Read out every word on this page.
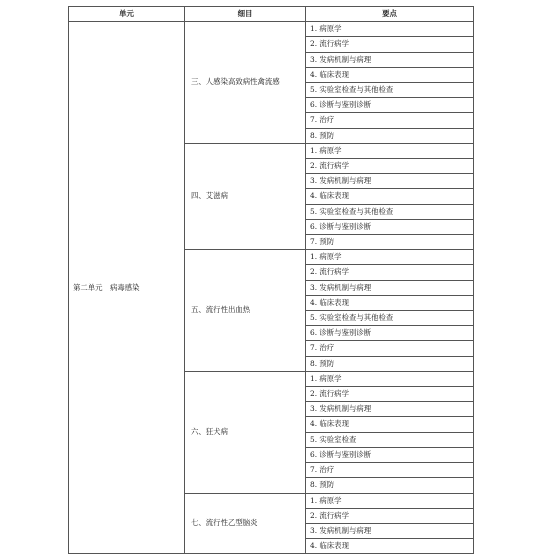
单元	细目	要点
第二单元　病毒感染	三、人感染高致病性禽流感	1. 病原学
		2. 流行病学
		3. 发病机制与病理
		4. 临床表现
		5. 实验室检查与其他检查
		6. 诊断与鉴别诊断
		7. 治疗
		8. 预防
	四、艾滋病	1. 病原学
		2. 流行病学
		3. 发病机制与病理
		4. 临床表现
		5. 实验室检查与其他检查
		6. 诊断与鉴别诊断
		7. 预防
	五、流行性出血热	1. 病原学
		2. 流行病学
		3. 发病机制与病理
		4. 临床表现
		5. 实验室检查与其他检查
		6. 诊断与鉴别诊断
		7. 治疗
		8. 预防
	六、狂犬病	1. 病原学
		2. 流行病学
		3. 发病机制与病理
		4. 临床表现
		5. 实验室检查
		6. 诊断与鉴别诊断
		7. 治疗
		8. 预防
	七、流行性乙型脑炎	1. 病原学
		2. 流行病学
		3. 发病机制与病理
		4. 临床表现
